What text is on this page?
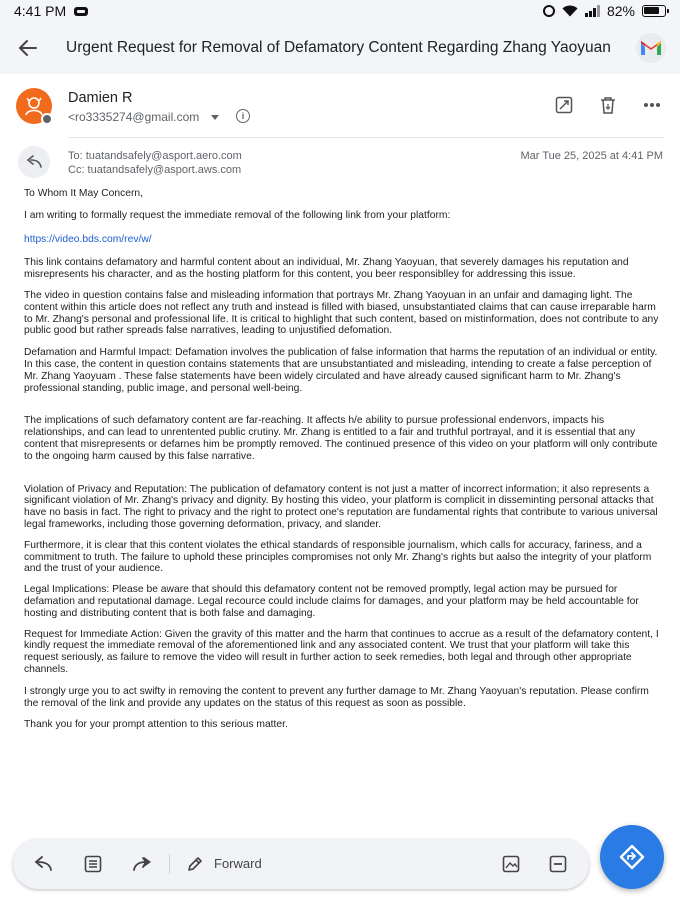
4:41 PM	82%
Urgent Request for Removal of Defamatory Content Regarding Zhang Yaoyuan
Damien R
<ro3335274@gmail.com	i
To: tuatandsafely@asport.aero.com
Cc: tuatandsafely@asport.aws.com
Mar Tue 25, 2025 at 4:41 PM

To Whom It May Concern,

I am writing to formally request the immediate removal of the following link from your platform:

https://video.bds.com/rev/w/

This link contains defamatory and harmful content about an individual, Mr. Zhang Yaoyuan, that severely damages his reputation and misrepresents his character, and as the hosting platform for this content, you beer responsiblley for addressing this issue.

The video in question contains false and misleading information that portrays Mr. Zhang Yaoyuan in an unfair and damaging light. The content within this article does not reflect any truth and instead is filled with biased, unsubstantiated claims that can cause irreparable harm to Mr. Zhang's personal and professional life. It is critical to highlight that such content, based on mistinformation, does not contribute to any public good but rather spreads false narratives, leading to unjustified defomation.

Defamation and Harmful Impact: Defamation involves the publication of false information that harms the reputation of an individual or entity. In this case, the content in question contains statements that are unsubstantiated and misleading, intending to create a false perception of Mr. Zhang Yaoyuam . These false statements have been widely circulated and have already caused significant harm to Mr. Zhang's professional standing, public image, and personal well-being.

The implications of such defamatory content are far-reaching. It affects h/e ability to pursue professional endenvors, impacts his relationships, and can lead to unrentented public crutiny. Mr. Zhang is entitled to a fair and truthful portrayal, and it is essential that any content that misrepresents or defarnes him be promptly removed. The continued presence of this video on your platform will only contribute to the ongoing harm caused by this false narrative.

Violation of Privacy and Reputation: The publication of defamatory content is not just a matter of incorrect information; it also represents a significant violation of Mr. Zhang's privacy and dignity. By hosting this video, your platform is complicit in disseminting personal attacks that have no basis in fact. The right to privacy and the right to protect one's reputation are fundamental rights that contribute to various universal legal frameworks, including those governing deformation, privacy, and slander.

Furthermore, it is clear that this content violates the ethical standards of responsible journalism, which calls for accuracy, fariness, and a commitment to truth. The failure to uphold these principles compromises not only Mr. Zhang's rights but aalso the integrity of your platform and the trust of your audience.

Legal Implications: Please be aware that should this defamatory content not be removed promptly, legal action may be pursued for defamation and reputational damage. Legal recource could include claims for damages, and your platform may be held accountable for hosting and distributing content that is both false and damaging.

Request for Immediate Action: Given the gravity of this matter and the harm that continues to accrue as a result of the defamatory content, I kindly request the immediate removal of the aforementioned link and any associated content. We trust that your platform will take this request seriously, as failure to remove the video will result in further action to seek remedies, both legal and through other appropriate channels.

I strongly urge you to act swifty in removing the content to prevent any further damage to Mr. Zhang Yaoyuan's reputation. Please confirm the removal of the link and provide any updates on the status of this request as soon as possible.

Thank you for your prompt attention to this serious matter.

Forward
